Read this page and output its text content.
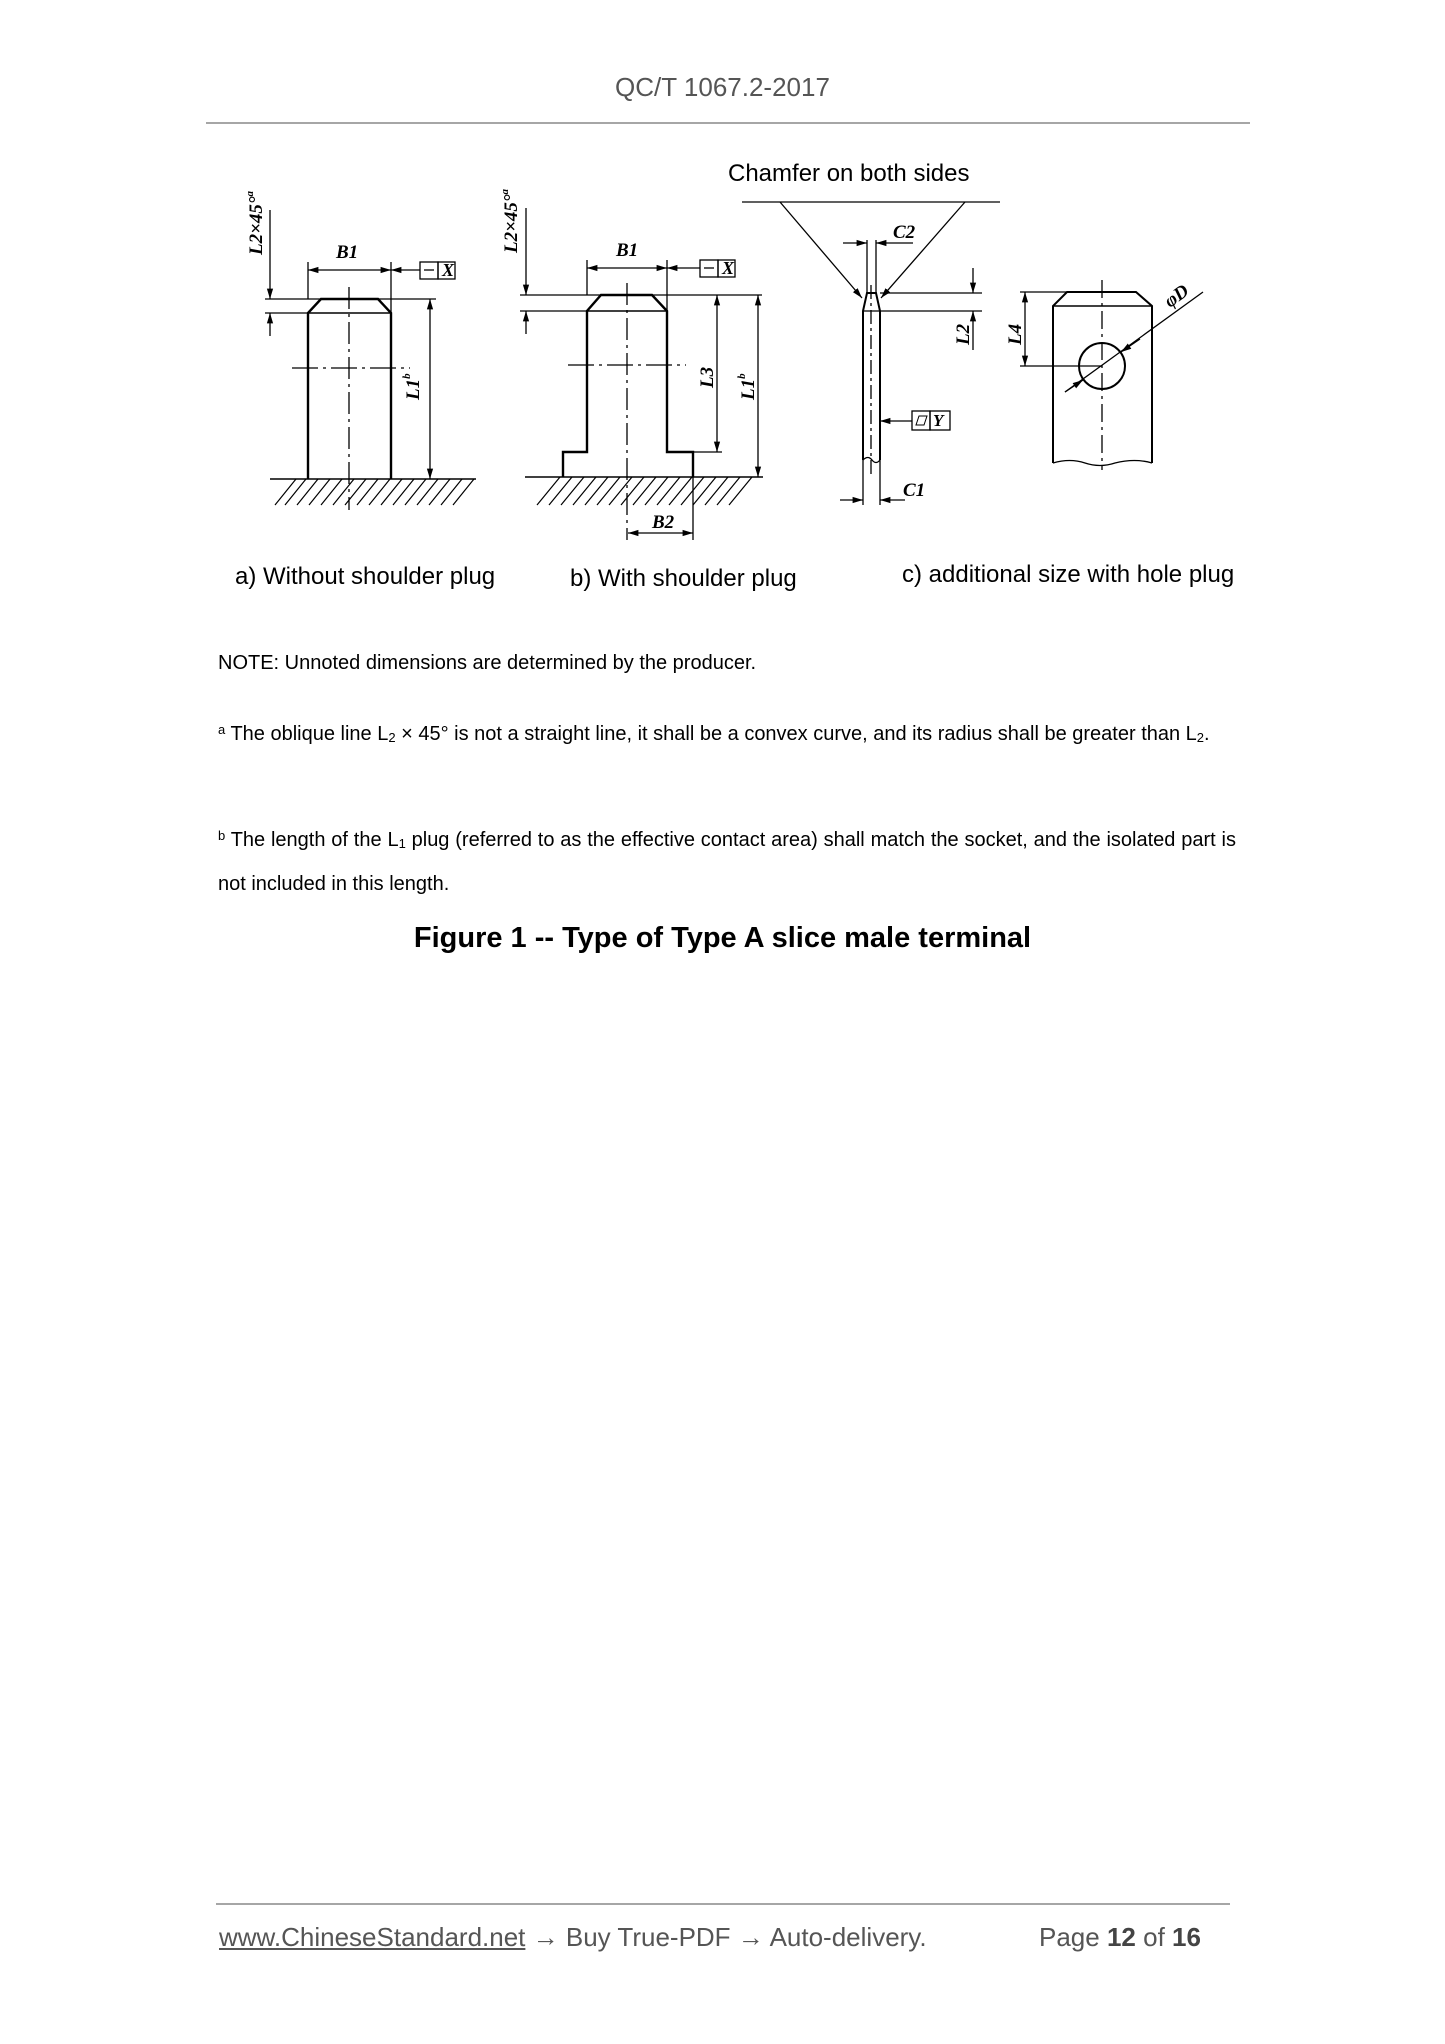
QC/T 1067.2-2017
L2×45°$^a$
B1
X
L1$^b$
L2×45°$^a$
B1
X
L3
L1$^b$
B2
C2
L2
Y
C1
L4
φD
Chamfer on both sides
a) Without shoulder plug	b) With shoulder plug	c) additional size with hole plug
NOTE: Unnoted dimensions are determined by the producer.
$^a$ The oblique line $L_2 \times 45^\circ$ is not a straight line, it shall be a convex curve, and its radius shall be greater than $L_2$.
$^b$ The length of the $L_1$ plug (referred to as the effective contact area) shall match the socket, and the isolated part is not included in this length.
Figure 1 -- Type of Type A slice male terminal
www.ChineseStandard.net → Buy True-PDF → Auto-delivery.	Page 12 of 16
